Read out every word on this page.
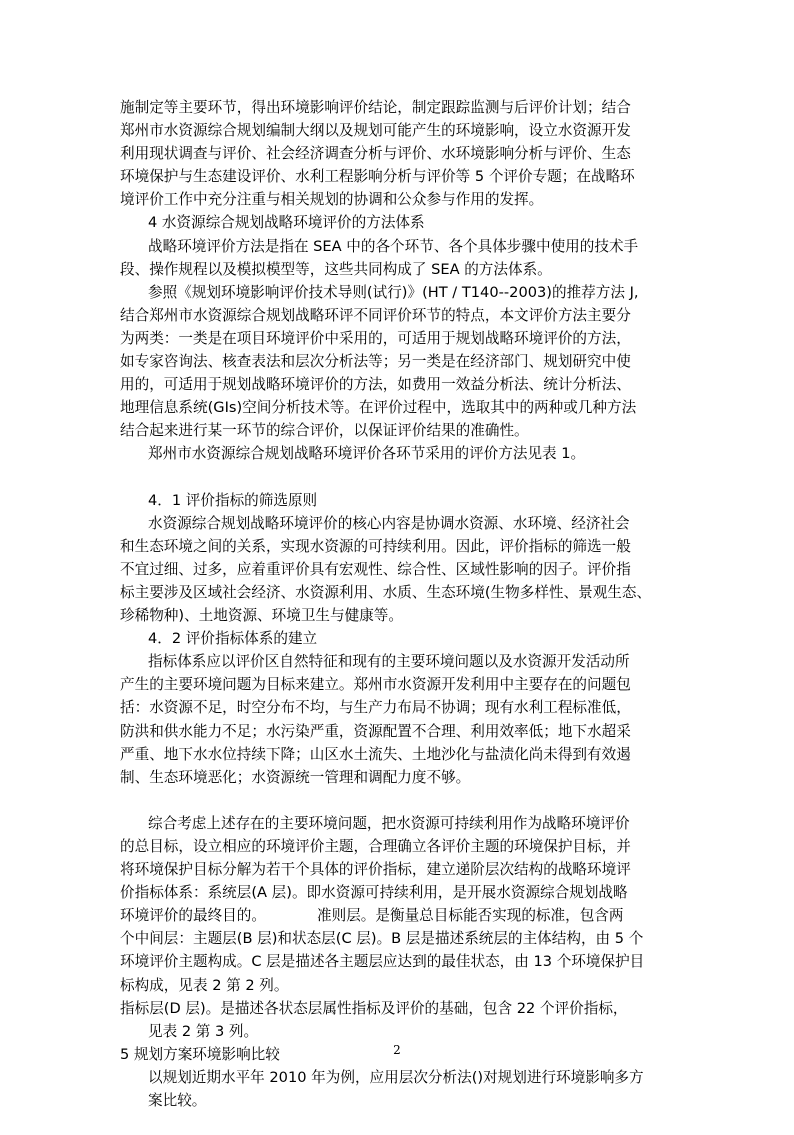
施制定等主要环节，得出环境影响评价结论，制定跟踪监测与后评价计划；结合
郑州市水资源综合规划编制大纲以及规划可能产生的环境影响，设立水资源开发
利用现状调查与评价、社会经济调查分析与评价、水环境影响分析与评价、生态
环境保护与生态建设评价、水利工程影响分析与评价等 5 个评价专题；在战略环
境评价工作中充分注重与相关规划的协调和公众参与作用的发挥。
4 水资源综合规划战略环境评价的方法体系
战略环境评价方法是指在 SEA 中的各个环节、各个具体步骤中使用的技术手
段、操作规程以及模拟模型等，这些共同构成了 SEA 的方法体系。
参照《规划环境影响评价技术导则(试行)》(HT / T140--2003)的推荐方法 J,
结合郑州市水资源综合规划战略环评不同评价环节的特点，本文评价方法主要分
为两类：一类是在项目环境评价中采用的，可适用于规划战略环境评价的方法，
如专家咨询法、核查表法和层次分析法等；另一类是在经济部门、规划研究中使
用的，可适用于规划战略环境评价的方法，如费用一效益分析法、统计分析法、
地理信息系统(GIs)空间分析技术等。在评价过程中，选取其中的两种或几种方法
结合起来进行某一环节的综合评价，以保证评价结果的准确性。
郑州市水资源综合规划战略环境评价各环节采用的评价方法见表 1。
4．1 评价指标的筛选原则
水资源综合规划战略环境评价的核心内容是协调水资源、水环境、经济社会
和生态环境之间的关系，实现水资源的可持续利用。因此，评价指标的筛选一般
不宜过细、过多，应着重评价具有宏观性、综合性、区域性影响的因子。评价指
标主要涉及区域社会经济、水资源利用、水质、生态环境(生物多样性、景观生态、
珍稀物种)、土地资源、环境卫生与健康等。
4．2 评价指标体系的建立
指标体系应以评价区自然特征和现有的主要环境问题以及水资源开发活动所
产生的主要环境问题为目标来建立。郑州市水资源开发利用中主要存在的问题包
括：水资源不足，时空分布不均，与生产力布局不协调；现有水利工程标准低，
防洪和供水能力不足；水污染严重，资源配置不合理、利用效率低；地下水超采
严重、地下水水位持续下降；山区水土流失、土地沙化与盐渍化尚未得到有效遏
制、生态环境恶化；水资源统一管理和调配力度不够。
综合考虑上述存在的主要环境问题，把水资源可持续利用作为战略环境评价
的总目标，设立相应的环境评价主题，合理确立各评价主题的环境保护目标，并
将环境保护目标分解为若干个具体的评价指标，建立递阶层次结构的战略环境评
价指标体系：系统层(A 层)。即水资源可持续利用，是开展水资源综合规划战略
环境评价的最终目的。　　　　准则层。是衡量总目标能否实现的标准，包含两
个中间层：主题层(B 层)和状态层(C 层)。B 层是描述系统层的主体结构，由 5 个
环境评价主题构成。C 层是描述各主题层应达到的最佳状态，由 13 个环境保护目
标构成，见表 2 第 2 列。
指标层(D 层)。是描述各状态层属性指标及评价的基础，包含 22 个评价指标，
见表 2 第 3 列。
5 规划方案环境影响比较
以规划近期水平年 2010 年为例，应用层次分析法()对规划进行环境影响多方
案比较。
2
